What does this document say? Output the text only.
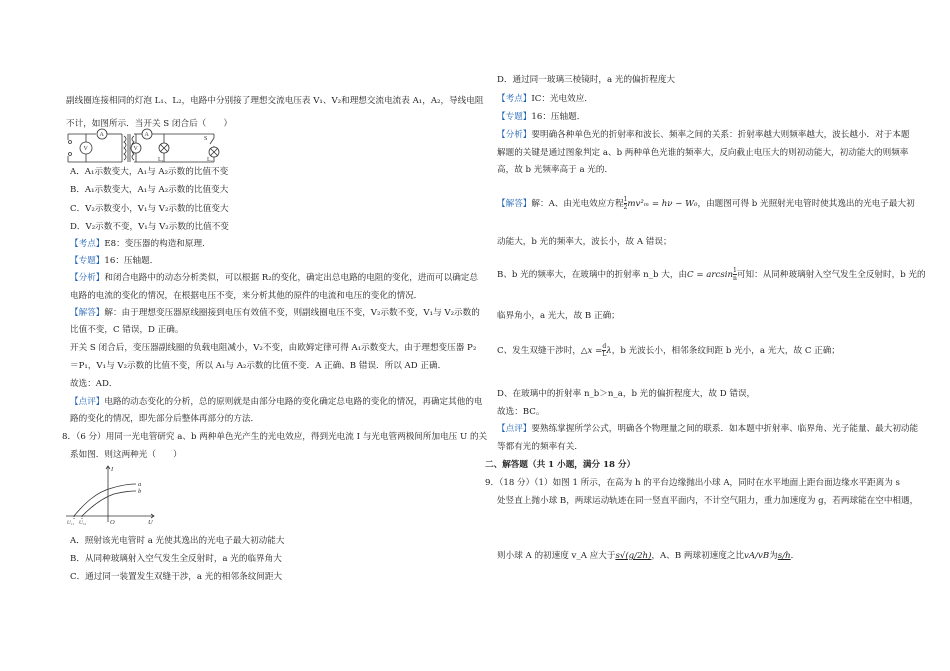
副线圈连接相同的灯泡 L₁、L₂，电路中分别接了理想交流电压表 V₁、V₂和理想交流电流表 A₁，A₂，导线电阻
不计，如图所示．当开关 S 闭合后（　　）
A
V
A
V
S
L₁	L₂
A．A₁示数变大，A₁与 A₂示数的比值不变
B．A₁示数变大，A₁与 A₂示数的比值变大
C．V₂示数变小，V₁与 V₂示数的比值变大
D．V₂示数不变，V₁与 V₂示数的比值不变
【考点】E8：变压器的构造和原理．
【专题】16：压轴题．
【分析】和闭合电路中的动态分析类似，可以根据 R₂的变化，确定出总电路的电阻的变化，进而可以确定总
电路的电流的变化的情况，在根据电压不变，来分析其他的原件的电流和电压的变化的情况．
【解答】解：由于理想变压器原线圈接到电压有效值不变，则副线圈电压不变，V₂示数不变，V₁与 V₂示数的
比值不变，C 错误，D 正确。
开关 S 闭合后，变压器副线圈的负载电阻减小，V₂不变，由欧姆定律可得 A₁示数变大，由于理想变压器 P₂
＝P₁，V₁与 V₂示数的比值不变，所以 A₁与 A₂示数的比值不变．A 正确、B 错误．所以 AD 正确．
故选：AD．
【点评】电路的动态变化的分析，总的原则就是由部分电路的变化确定总电路的变化的情况，再确定其他的电
路的变化的情况，即先部分后整体再部分的方法．
8．（6 分）用同一光电管研究 a、b 两种单色光产生的光电效应，得到光电流 I 与光电管两极间所加电压 U 的关
系如图．则这两种光（　　）
I
a
b
O	U
U꜀₁ U꜀₂
A．照射该光电管时 a 光使其逸出的光电子最大初动能大
B．从同种玻璃射入空气发生全反射时，a 光的临界角大
C．通过同一装置发生双缝干涉，a 光的相邻条纹间距大
D．通过同一玻璃三棱镜时，a 光的偏折程度大
【考点】IC：光电效应．
【专题】16：压轴题．
【分析】要明确各种单色光的折射率和波长、频率之间的关系：折射率越大则频率越大，波长越小．对于本题
解题的关键是通过图象判定 a、b 两种单色光谁的频率大，反向截止电压大的则初动能大，初动能大的则频率
高，故 b 光频率高于 a 光的．
【解答】解：A、由光电效应方程 $\frac{1}{2} mv^2_m = h\nu - W_0$，由题图可得 b 光照射光电管时使其逸出的光电子最大初
动能大，b 光的频率大，波长小，故 A 错误；
B、b 光的频率大，在玻璃中的折射率 n_b 大，由$C = \arcsin \frac{1}{n}$ 可知：从同种玻璃射入空气发生全反射时，b 光的
临界角小，a 光大，故 B 正确；
C、发生双缝干涉时，△x = $\frac{d}{L}$ λ，b 光波长小，相邻条纹间距 b 光小，a 光大，故 C 正确；
D、在玻璃中的折射率 n_b＞n_a，b 光的偏折程度大，故 D 错误，
故选：BC。
【点评】要熟练掌握所学公式，明确各个物理量之间的联系．如本题中折射率、临界角、光子能量、最大初动能
等都有光的频率有关．
二、解答题（共 1 小题，满分 18 分）
9．（18 分）（1）如图 1 所示，在高为 h 的平台边缘抛出小球 A，同时在水平地面上距台面边缘水平距离为 s
处竖直上抛小球 B，两球运动轨迹在同一竖直平面内，不计空气阻力，重力加速度为 g，若两球能在空中相遇，
则小球 A 的初速度 v_A 应大于s√(g/2h)，A、B 两球初速度之比vA/vB为s/h．
